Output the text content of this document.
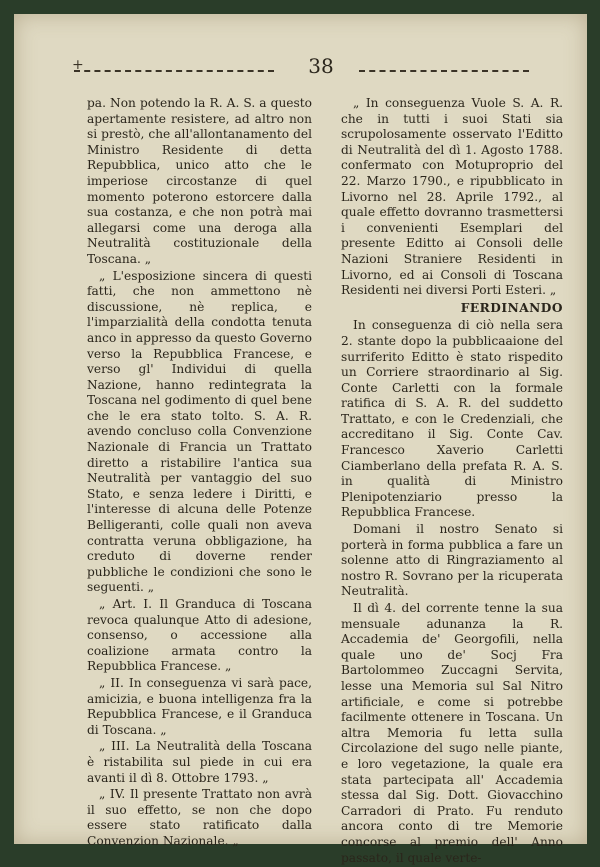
+	38

pa. Non potendo la R. A. S. a questo apertamente resistere, ad altro non si prestò, che all'allontanamento del Ministro Residente di detta Repubblica, unico atto che le imperiose circostanze di quel momento poterono estorcere dalla sua costanza, e che non potrà mai allegarsi come una deroga alla Neutralità costituzionale della Toscana. „

„ L'esposizione sincera di questi fatti, che non ammettono nè discussione, nè replica, e l'imparzialità della condotta tenuta anco in appresso da questo Governo verso la Repubblica Francese, e verso gl' Individui di quella Nazione, hanno redintegrata la Toscana nel godimento di quel bene che le era stato tolto. S. A. R. avendo concluso colla Convenzione Nazionale di Francia un Trattato diretto a ristabilire l'antica sua Neutralità per vantaggio del suo Stato, e senza ledere i Diritti, e l'interesse di alcuna delle Potenze Belligeranti, colle quali non aveva contratta veruna obbligazione, ha creduto di doverne render pubbliche le condizioni che sono le seguenti. „

„ Art. I. Il Granduca di Toscana revoca qualunque Atto di adesione, consenso, o accessione alla coalizione armata contro la Repubblica Francese. „

„ II. In conseguenza vi sarà pace, amicizia, e buona intelligenza fra la Repubblica Francese, e il Granduca di Toscana. „

„ III. La Neutralità della Toscana è ristabilita sul piede in cui era avanti il dì 8. Ottobre 1793. „

„ IV. Il presente Trattato non avrà il suo effetto, se non che dopo essere stato ratificato dalla Convenzion Nazionale. „

„ In conseguenza Vuole S. A. R. che in tutti i suoi Stati sia scrupolosamente osservato l'Editto di Neutralità del dì 1. Agosto 1788. confermato con Motuproprio del 22. Marzo 1790., e ripubblicato in Livorno nel 28. Aprile 1792., al quale effetto dovranno trasmettersi i convenienti Esemplari del presente Editto ai Consoli delle Nazioni Straniere Residenti in Livorno, ed ai Consoli di Toscana Residenti nei diversi Porti Esteri. „

FERDINANDO

In conseguenza di ciò nella sera 2. stante dopo la pubblicaaione del surriferito Editto è stato rispedito un Corriere straordinario al Sig. Conte Carletti con la formale ratifica di S. A. R. del suddetto Trattato, e con le Credenziali, che accreditano il Sig. Conte Cav. Francesco Xaverio Carletti Ciamberlano della prefata R. A. S. in qualità di Ministro Plenipotenziario presso la Repubblica Francese.

Domani il nostro Senato si porterà in forma pubblica a fare un solenne atto di Ringraziamento al nostro R. Sovrano per la ricuperata Neutralità.

Il dì 4. del corrente tenne la sua mensuale adunanza la R. Accademia de' Georgofili, nella quale uno de' Socj Fra Bartolommeo Zuccagni Servita, lesse una Memoria sul Sal Nitro artificiale, e come si potrebbe facilmente ottenere in Toscana. Un altra Memoria fu letta sulla Circolazione del sugo nelle piante, e loro vegetazione, la quale era stata partecipata all' Accademia stessa dal Sig. Dott. Giovacchino Carradori di Prato. Fu renduto ancora conto di tre Memorie concorse al premio dell' Anno passato, il quale verte-
